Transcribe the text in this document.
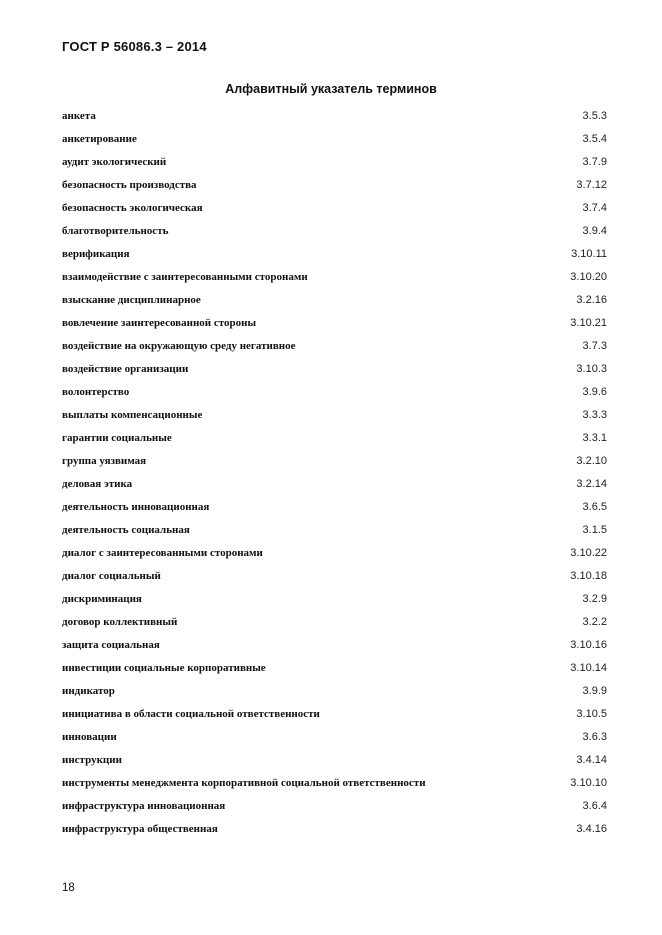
ГОСТ Р 56086.3 – 2014
Алфавитный указатель терминов
анкета	3.5.3
анкетирование	3.5.4
аудит экологический	3.7.9
безопасность производства	3.7.12
безопасность экологическая	3.7.4
благотворительность	3.9.4
верификация	3.10.11
взаимодействие с заинтересованными сторонами	3.10.20
взыскание дисциплинарное	3.2.16
вовлечение заинтересованной стороны	3.10.21
воздействие на окружающую среду негативное	3.7.3
воздействие организации	3.10.3
волонтерство	3.9.6
выплаты компенсационные	3.3.3
гарантии социальные	3.3.1
группа уязвимая	3.2.10
деловая этика	3.2.14
деятельность инновационная	3.6.5
деятельность социальная	3.1.5
диалог с заинтересованными сторонами	3.10.22
диалог социальный	3.10.18
дискриминация	3.2.9
договор коллективный	3.2.2
защита социальная	3.10.16
инвестиции социальные корпоративные	3.10.14
индикатор	3.9.9
инициатива в области социальной ответственности	3.10.5
инновации	3.6.3
инструкции	3.4.14
инструменты менеджмента корпоративной социальной ответственности	3.10.10
инфраструктура инновационная	3.6.4
инфраструктура общественная	3.4.16
18
